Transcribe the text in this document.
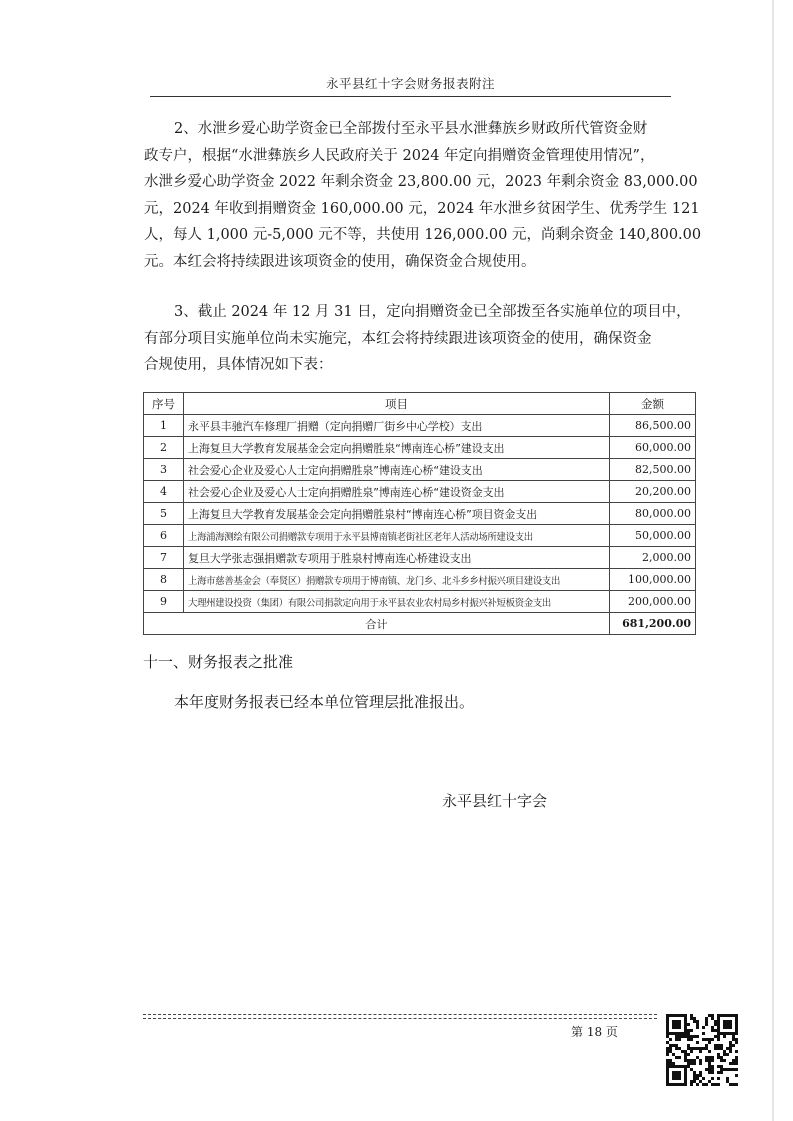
永平县红十字会财务报表附注
2、水泄乡爱心助学资金已全部拨付至永平县水泄彝族乡财政所代管资金财
政专户，根据“水泄彝族乡人民政府关于 2024 年定向捐赠资金管理使用情况”，
水泄乡爱心助学资金 2022 年剩余资金 23,800.00 元，2023 年剩余资金 83,000.00
元，2024 年收到捐赠资金 160,000.00 元，2024 年水泄乡贫困学生、优秀学生 121
人，每人 1,000 元-5,000 元不等，共使用 126,000.00 元，尚剩余资金 140,800.00
元。本红会将持续跟进该项资金的使用，确保资金合规使用。
3、截止 2024 年 12 月 31 日，定向捐赠资金已全部拨至各实施单位的项目中，
有部分项目实施单位尚未实施完，本红会将持续跟进该项资金的使用，确保资金
合规使用，具体情况如下表：
序号	项目	金额
1	永平县丰驰汽车修理厂捐赠（定向捐赠厂街乡中心学校）支出	86,500.00
2	上海复旦大学教育发展基金会定向捐赠胜泉“博南连心桥”建设支出	60,000.00
3	社会爱心企业及爱心人士定向捐赠胜泉”博南连心桥“建设支出	82,500.00
4	社会爱心企业及爱心人士定向捐赠胜泉”博南连心桥“建设资金支出	20,200.00
5	上海复旦大学教育发展基金会定向捐赠胜泉村“博南连心桥”项目资金支出	80,000.00
6	上海浦海测绘有限公司捐赠款专项用于永平县博南镇老街社区老年人活动场所建设支出	50,000.00
7	复旦大学张志强捐赠款专项用于胜泉村博南连心桥建设支出	2,000.00
8	上海市慈善基金会（奉贤区）捐赠款专项用于博南镇、龙门乡、北斗乡乡村振兴项目建设支出	100,000.00
9	大理州建设投资（集团）有限公司捐款定向用于永平县农业农村局乡村振兴补短板资金支出	200,000.00
合计		681,200.00
十一、财务报表之批准
本年度财务报表已经本单位管理层批准报出。
永平县红十字会
第 18 页
